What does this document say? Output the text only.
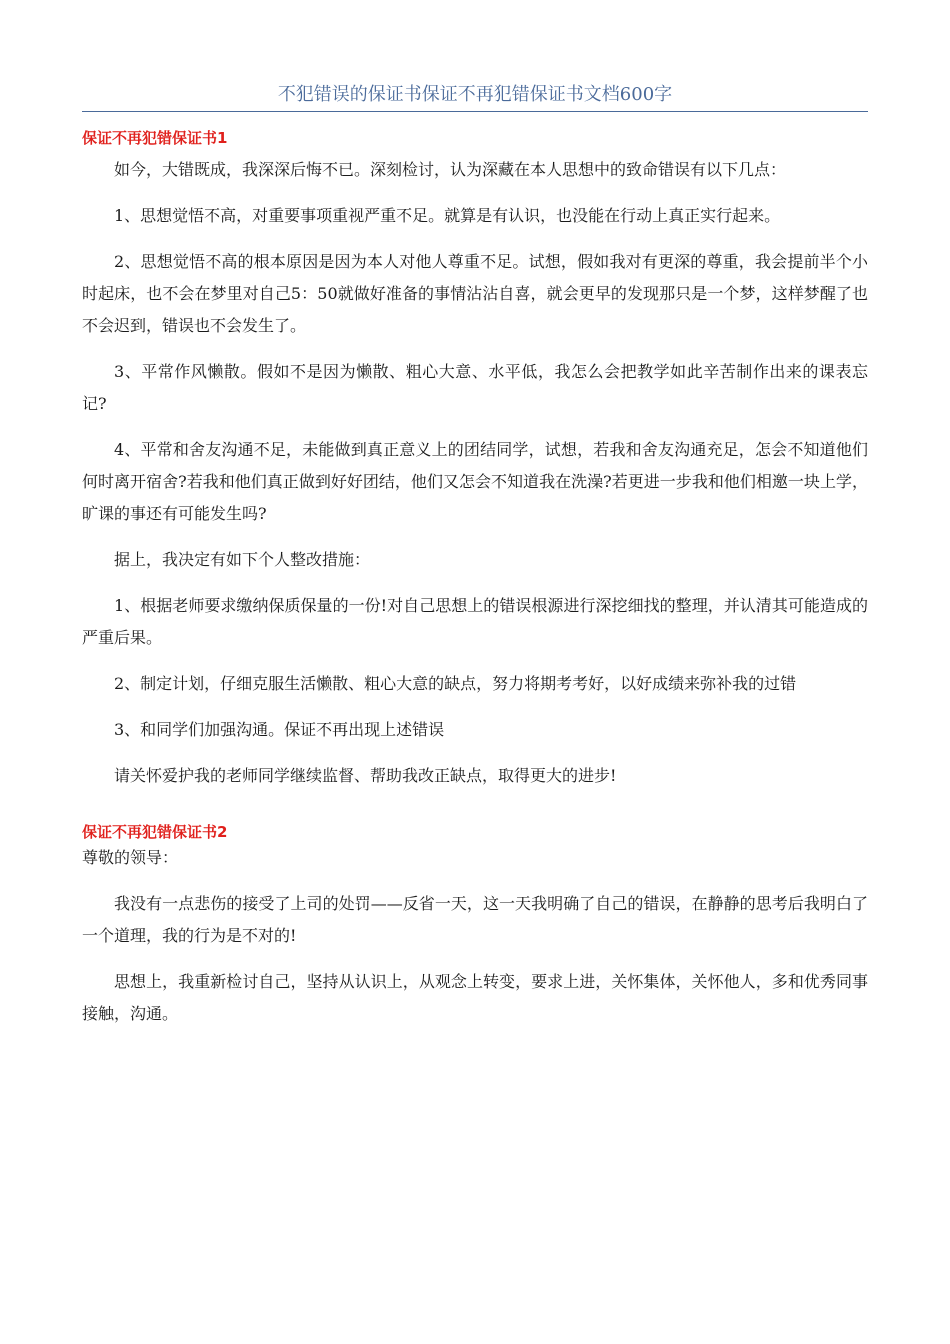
不犯错误的保证书保证不再犯错保证书文档600字
保证不再犯错保证书1

如今，大错既成，我深深后悔不已。深刻检讨，认为深藏在本人思想中的致命错误有以下几点：

1、思想觉悟不高，对重要事项重视严重不足。就算是有认识，也没能在行动上真正实行起来。

2、思想觉悟不高的根本原因是因为本人对他人尊重不足。试想，假如我对有更深的尊重，我会提前半个小时起床，也不会在梦里对自己5：50就做好准备的事情沾沾自喜，就会更早的发现那只是一个梦，这样梦醒了也不会迟到，错误也不会发生了。

3、平常作风懒散。假如不是因为懒散、粗心大意、水平低，我怎么会把教学如此辛苦制作出来的课表忘记?

4、平常和舍友沟通不足，未能做到真正意义上的团结同学，试想，若我和舍友沟通充足，怎会不知道他们何时离开宿舍?若我和他们真正做到好好团结，他们又怎会不知道我在洗澡?若更进一步我和他们相邀一块上学，旷课的事还有可能发生吗?

据上，我决定有如下个人整改措施：

1、根据老师要求缴纳保质保量的一份!对自己思想上的错误根源进行深挖细找的整理，并认清其可能造成的严重后果。

2、制定计划，仔细克服生活懒散、粗心大意的缺点，努力将期考考好，以好成绩来弥补我的过错

3、和同学们加强沟通。保证不再出现上述错误

请关怀爱护我的老师同学继续监督、帮助我改正缺点，取得更大的进步!

保证不再犯错保证书2

尊敬的领导：

我没有一点悲伤的接受了上司的处罚——反省一天，这一天我明确了自己的错误，在静静的思考后我明白了一个道理，我的行为是不对的!

思想上，我重新检讨自己，坚持从认识上，从观念上转变，要求上进，关怀集体，关怀他人，多和优秀同事接触，沟通。
